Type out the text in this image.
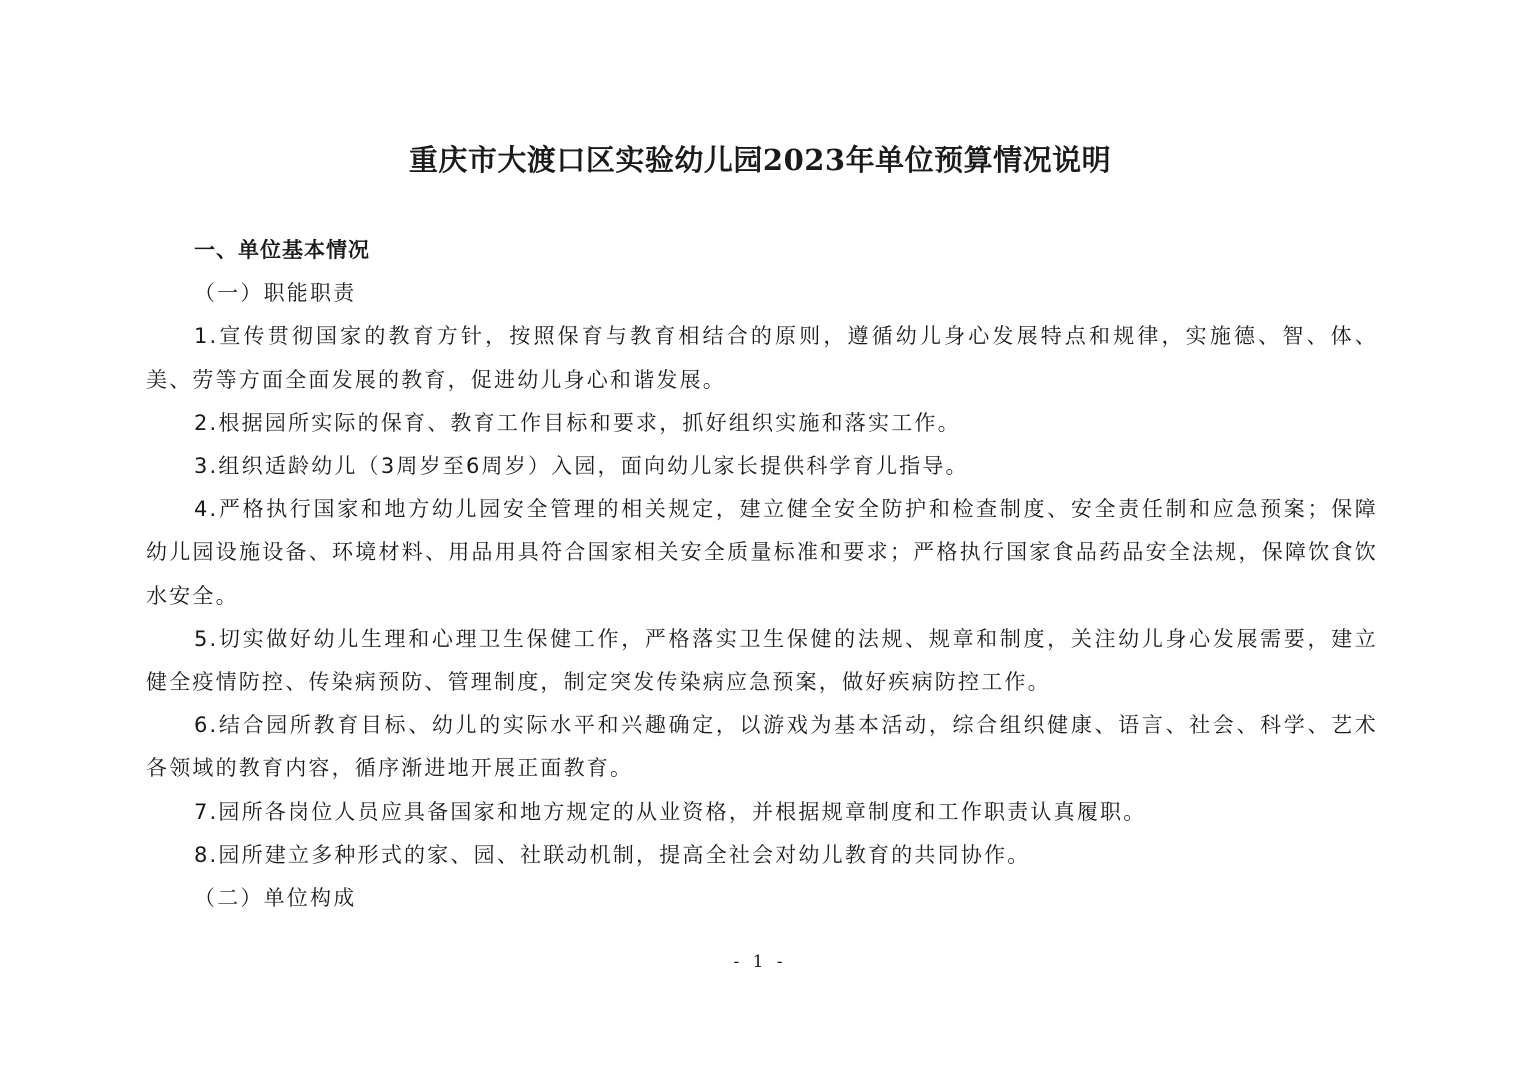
重庆市大渡口区实验幼儿园2023年单位预算情况说明

一、单位基本情况

（一）职能职责

1.宣传贯彻国家的教育方针，按照保育与教育相结合的原则，遵循幼儿身心发展特点和规律，实施德、智、体、美、劳等方面全面发展的教育，促进幼儿身心和谐发展。

2.根据园所实际的保育、教育工作目标和要求，抓好组织实施和落实工作。

3.组织适龄幼儿（3周岁至6周岁）入园，面向幼儿家长提供科学育儿指导。

4.严格执行国家和地方幼儿园安全管理的相关规定，建立健全安全防护和检查制度、安全责任制和应急预案；保障幼儿园设施设备、环境材料、用品用具符合国家相关安全质量标准和要求；严格执行国家食品药品安全法规，保障饮食饮水安全。

5.切实做好幼儿生理和心理卫生保健工作，严格落实卫生保健的法规、规章和制度，关注幼儿身心发展需要，建立健全疫情防控、传染病预防、管理制度，制定突发传染病应急预案，做好疾病防控工作。

6.结合园所教育目标、幼儿的实际水平和兴趣确定，以游戏为基本活动，综合组织健康、语言、社会、科学、艺术各领域的教育内容，循序渐进地开展正面教育。

7.园所各岗位人员应具备国家和地方规定的从业资格，并根据规章制度和工作职责认真履职。

8.园所建立多种形式的家、园、社联动机制，提高全社会对幼儿教育的共同协作。

（二）单位构成

- 1 -
